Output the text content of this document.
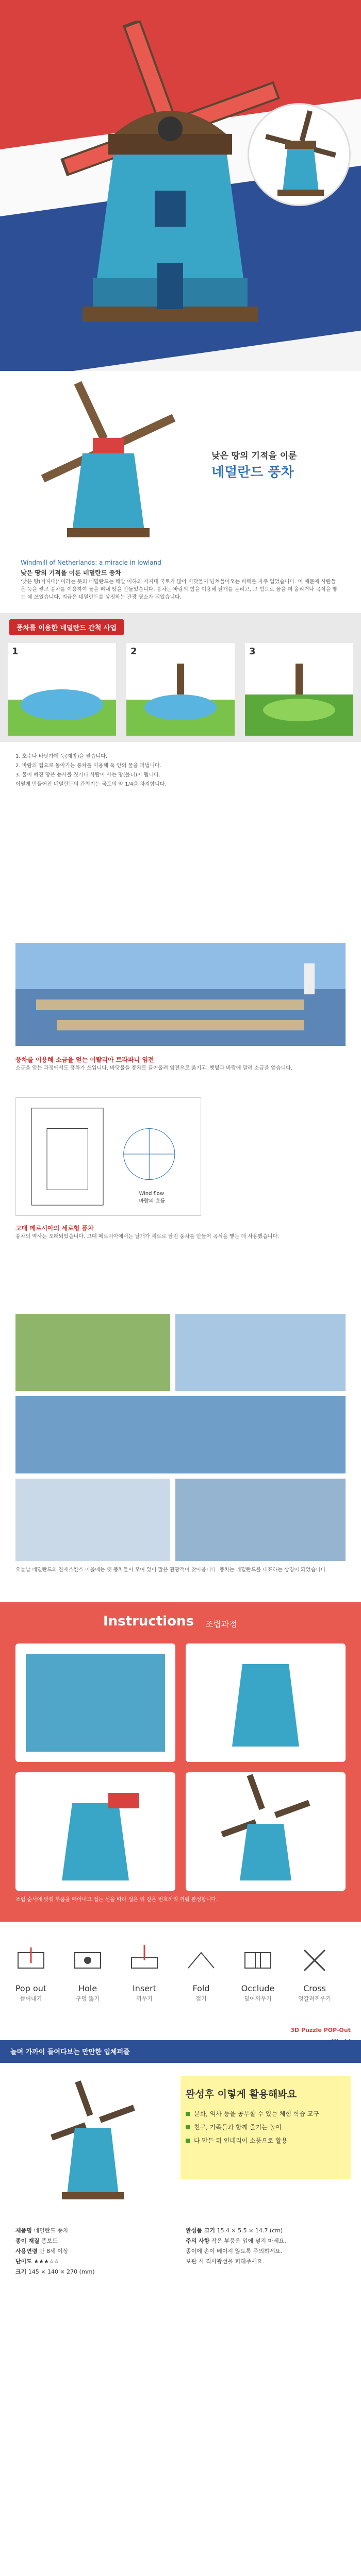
낮은 땅의 기적을 이룬
네덜란드 풍차
Windmill of Netherlands: a miracle in lowland
낮은 땅의 기적을 이룬 네덜란드 풍차
'낮은 땅(저지대)' 이라는 뜻의 네덜란드는 해발 이하의 저지대 국토가 많아 바닷물이 넘쳐들어오는 피해를 자주 입었습니다. 이 때문에 사람들은 둑을 쌓고 풍차를 이용하여 물을 퍼내 땅을 만들었습니다. 풍차는 바람의 힘을 이용해 날개를 돌리고, 그 힘으로 물을 퍼 올리거나 곡식을 빻는 데 쓰였습니다. 지금은 네덜란드를 상징하는 관광 명소가 되었습니다.
풍차를 이용한 네덜란드 간척 사업
1	2	3
1. 호수나 바닷가에 둑(제방)을 쌓습니다.
2. 바람의 힘으로 돌아가는 풍차를 이용해 둑 안의 물을 퍼냅니다.
3. 물이 빠진 땅은 농사를 짓거나 사람이 사는 땅(폴더)이 됩니다.
이렇게 만들어진 네덜란드의 간척지는 국토의 약 1/4을 차지합니다.
풍차를 이용해 소금을 얻는 이탈리아 트라파니 염전
소금을 얻는 과정에서도 풍차가 쓰입니다. 바닷물을 풍차로 끌어올려 염전으로 옮기고, 햇볕과 바람에 말려 소금을 얻습니다.
Wind flow
바람의 흐름
고대 페르시아의 세로형 풍차
풍차의 역사는 오래되었습니다. 고대 페르시아에서는 날개가 세로로 달린 풍차를 만들어 곡식을 빻는 데 사용했습니다.
오늘날 네덜란드의 잔세스칸스 마을에는 옛 풍차들이 모여 있어 많은 관광객이 찾아옵니다. 풍차는 네덜란드를 대표하는 상징이 되었습니다.
Instructions 조립과정
조립 순서에 맞춰 부품을 떼어내고 접는 선을 따라 접은 뒤 같은 번호끼리 끼워 완성합니다.
Pop out
뜯어내기
Hole
구멍 뚫기
Insert
끼우기
Fold
접기
Occlude
덮어끼우기
Cross
엇갈려끼우기
3D Puzzle POP-Out
놀며 가까이 들여다보는 만만한 입체퍼즐
완성후 이렇게 활용해봐요
문화, 역사 등을 공부할 수 있는 체험 학습 교구
친구, 가족들과 함께 즐기는 놀이
다 만든 뒤 인테리어 소품으로 활용
제품명 네덜란드 풍차
종이 재질 폼보드
사용연령 만 8세 이상
난이도 ★★★☆☆
크기 145 × 140 × 270 (mm)
완성품 크기 15.4 × 5.5 × 14.7 (cm)
주의 사항 작은 부품은 입에 넣지 마세요.
종이에 손이 베이지 않도록 주의하세요.
보관 시 직사광선을 피해주세요.
